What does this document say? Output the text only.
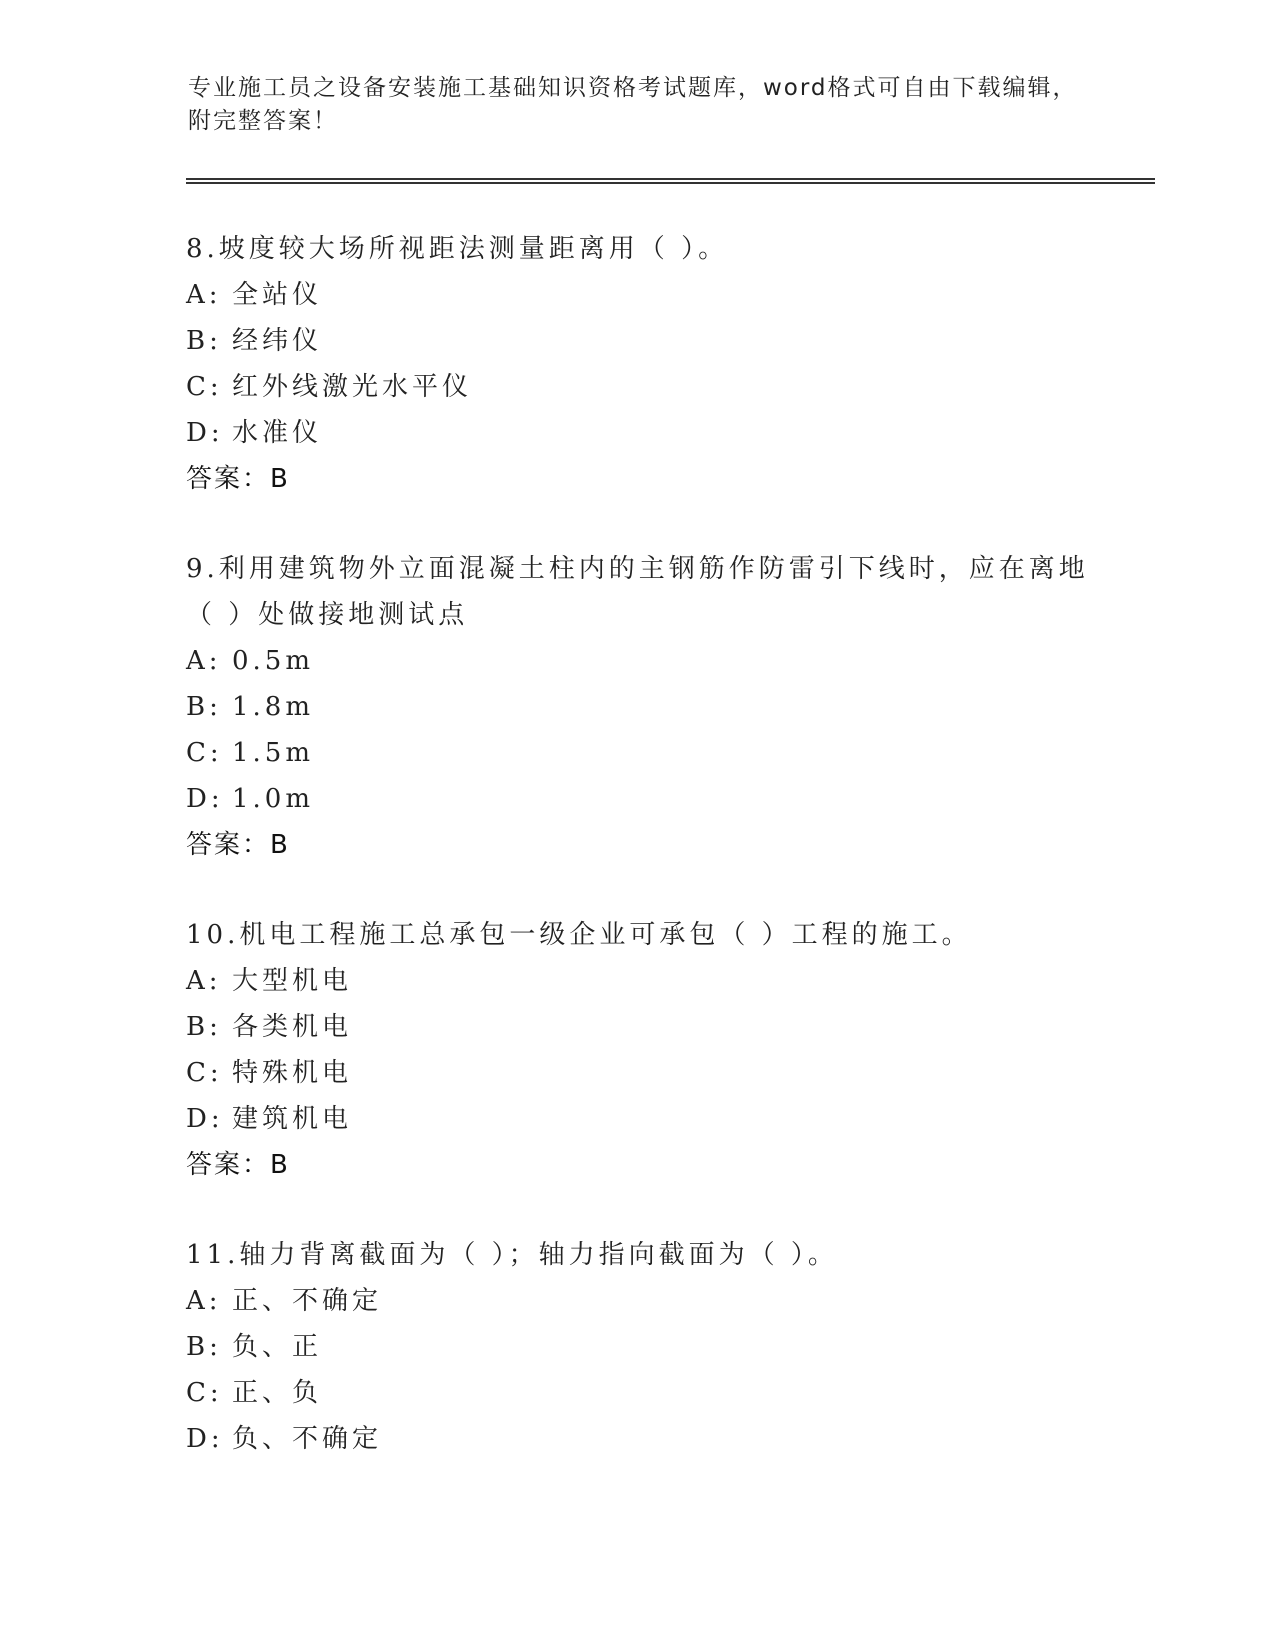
专业施工员之设备安装施工基础知识资格考试题库，word格式可自由下载编辑，
附完整答案！
8.坡度较大场所视距法测量距离用（ ）。
A: 全站仪
B: 经纬仪
C: 红外线激光水平仪
D: 水准仪
答案：B
9.利用建筑物外立面混凝土柱内的主钢筋作防雷引下线时，应在离地
（ ）处做接地测试点
A: 0.5m
B: 1.8m
C: 1.5m
D: 1.0m
答案：B
10.机电工程施工总承包一级企业可承包（ ）工程的施工。
A: 大型机电
B: 各类机电
C: 特殊机电
D: 建筑机电
答案：B
11.轴力背离截面为（ ）；轴力指向截面为（ ）。
A: 正、不确定
B: 负、正
C: 正、负
D: 负、不确定
